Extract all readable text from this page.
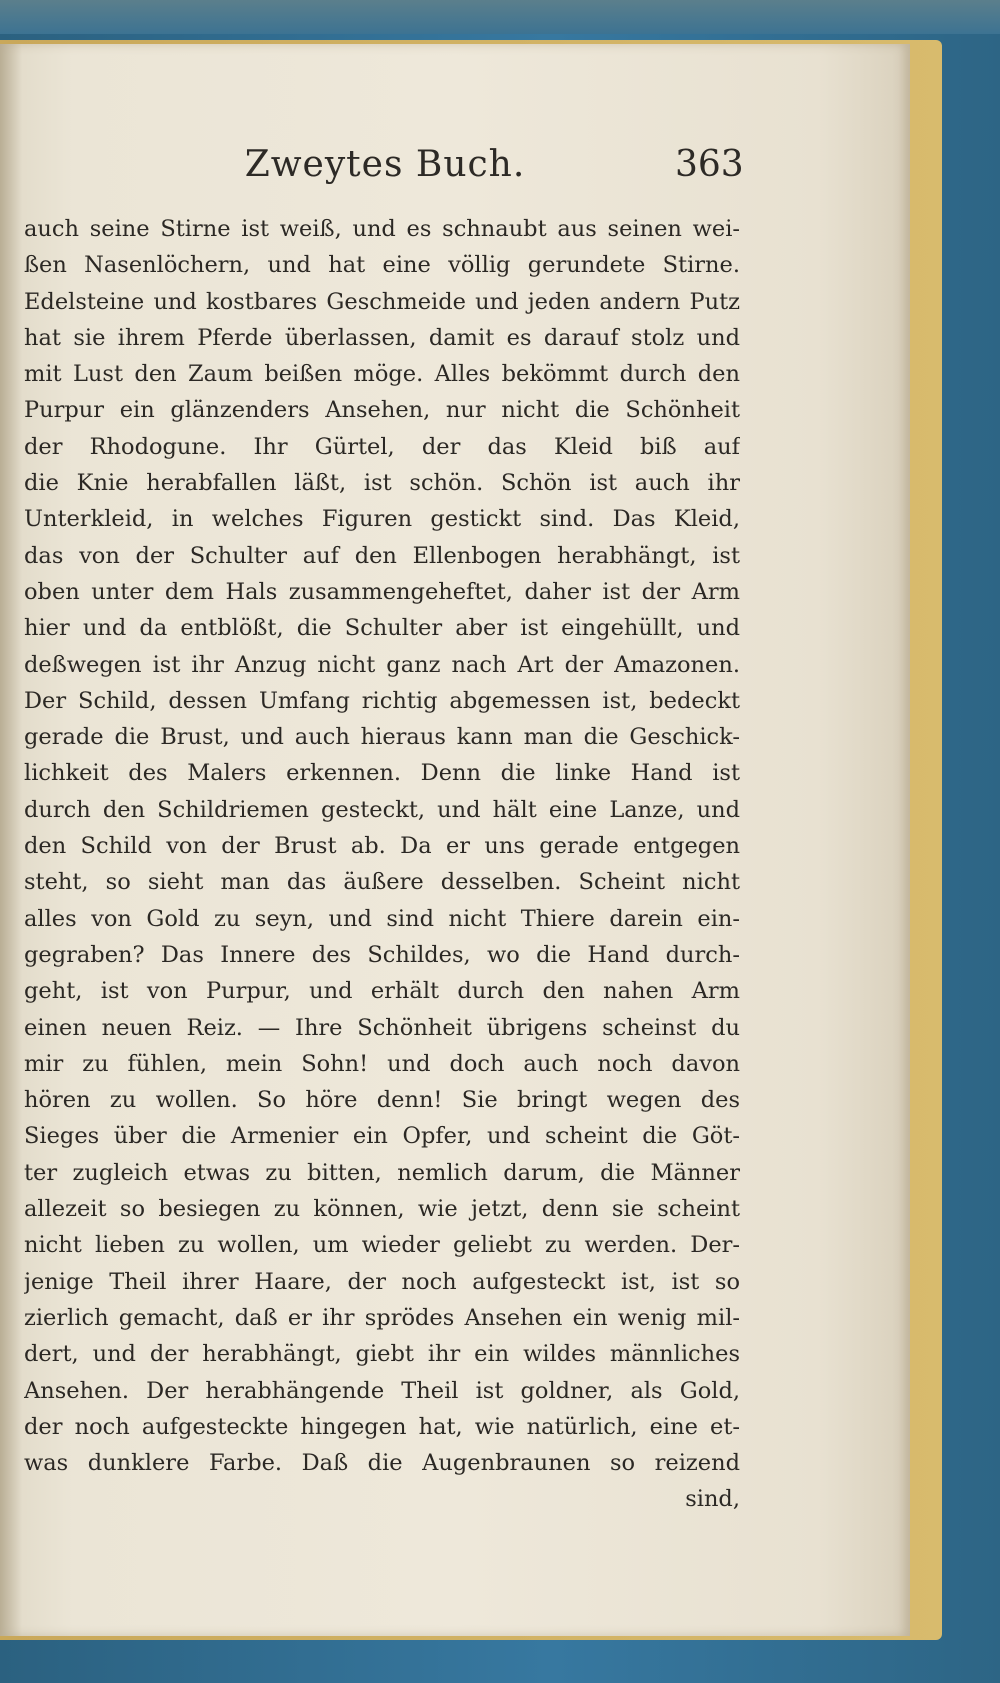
Zweytes Buch.	363
auch seine Stirne ist weiß, und es schnaubt aus seinen wei-
ßen Nasenlöchern, und hat eine völlig gerundete Stirne.
Edelsteine und kostbares Geschmeide und jeden andern Putz
hat sie ihrem Pferde überlassen, damit es darauf stolz und
mit Lust den Zaum beißen möge. Alles bekömmt durch den
Purpur ein glänzenders Ansehen, nur nicht die Schönheit
der Rhodogune. Ihr Gürtel, der das Kleid biß auf
die Knie herabfallen läßt, ist schön. Schön ist auch ihr
Unterkleid, in welches Figuren gestickt sind. Das Kleid,
das von der Schulter auf den Ellenbogen herabhängt, ist
oben unter dem Hals zusammengeheftet, daher ist der Arm
hier und da entblößt, die Schulter aber ist eingehüllt, und
deßwegen ist ihr Anzug nicht ganz nach Art der Amazonen.
Der Schild, dessen Umfang richtig abgemessen ist, bedeckt
gerade die Brust, und auch hieraus kann man die Geschick-
lichkeit des Malers erkennen. Denn die linke Hand ist
durch den Schildriemen gesteckt, und hält eine Lanze, und
den Schild von der Brust ab. Da er uns gerade entgegen
steht, so sieht man das äußere desselben. Scheint nicht
alles von Gold zu seyn, und sind nicht Thiere darein ein-
gegraben? Das Innere des Schildes, wo die Hand durch-
geht, ist von Purpur, und erhält durch den nahen Arm
einen neuen Reiz. — Ihre Schönheit übrigens scheinst du
mir zu fühlen, mein Sohn! und doch auch noch davon
hören zu wollen. So höre denn! Sie bringt wegen des
Sieges über die Armenier ein Opfer, und scheint die Göt-
ter zugleich etwas zu bitten, nemlich darum, die Männer
allezeit so besiegen zu können, wie jetzt, denn sie scheint
nicht lieben zu wollen, um wieder geliebt zu werden. Der-
jenige Theil ihrer Haare, der noch aufgesteckt ist, ist so
zierlich gemacht, daß er ihr sprödes Ansehen ein wenig mil-
dert, und der herabhängt, giebt ihr ein wildes männliches
Ansehen. Der herabhängende Theil ist goldner, als Gold,
der noch aufgesteckte hingegen hat, wie natürlich, eine et-
was dunklere Farbe. Daß die Augenbraunen so reizend
sind,
